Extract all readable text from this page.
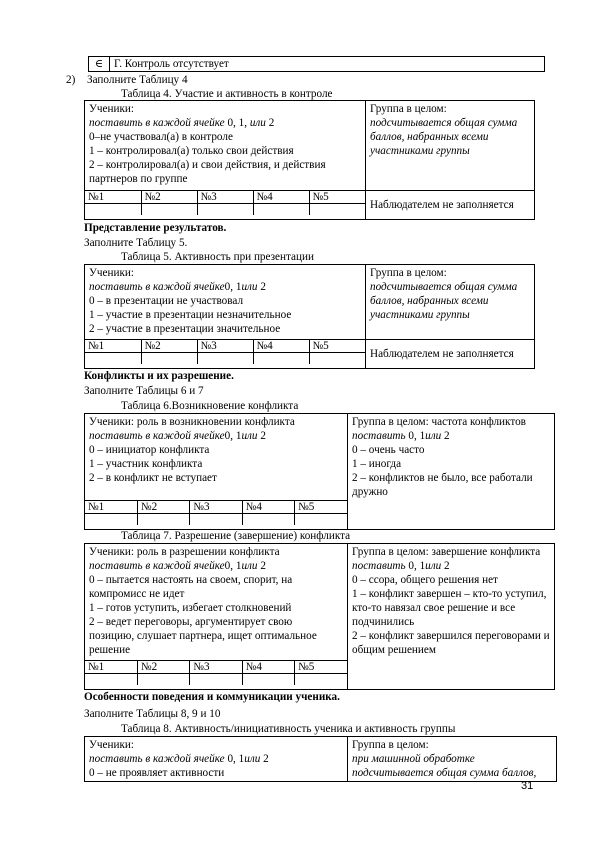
∈	Г. Контроль отсутствует
2) Заполните Таблицу 4
Таблица 4. Участие и активность в контроле
Ученики:
поставить в каждой ячейке 0, 1, или 2
0–не участвовал(а) в контроле
1 – контролировал(а) только свои действия
2 – контролировал(а) и свои действия, и действия
партнеров по группе

Группа в целом:
подсчитывается общая сумма
баллов, набранных всеми
участниками группы

№1	№2	№3	№4	№5

	Наблюдателем не заполняется
Представление результатов.
Заполните Таблицу 5.
Таблица 5. Активность при презентации
Ученики:
поставить в каждой ячейке0, 1или 2
0 – в презентации не участвовал
1 – участие в презентации незначительное
2 – участие в презентации значительное

Группа в целом:
подсчитывается общая сумма
баллов, набранных всеми
участниками группы

№1	№2	№3	№4	№5

	Наблюдателем не заполняется
Конфликты и их разрешение.
Заполните Таблицы 6 и 7
Таблица 6.Возникновение конфликта
Ученики: роль в возникновении конфликта
поставить в каждой ячейке0, 1или 2
0 – инициатор конфликта
1 – участник конфликта
2 – в конфликт не вступает

Группа в целом: частота конфликтов
поставить 0, 1или 2
0 – очень часто
1 – иногда
2 – конфликтов не было, все работали
дружно

№1	№2	№3	№4	№5

Таблица 7. Разрешение (завершение) конфликта
Ученики: роль в разрешении конфликта
поставить в каждой ячейке0, 1или 2
0 – пытается настоять на своем, спорит, на
компромисс не идет
1 – готов уступить, избегает столкновений
2 – ведет переговоры, аргументирует свою
позицию, слушает партнера, ищет оптимальное
решение

Группа в целом: завершение конфликта
поставить 0, 1или 2
0 – ссора, общего решения нет
1 – конфликт завершен – кто-то уступил,
кто-то навязал свое решение и все
подчинились
2 – конфликт завершился переговорами и
общим решением

№1	№2	№3	№4	№5

Особенности поведения и коммуникации ученика.
Заполните Таблицы 8, 9 и 10
Таблица 8. Активность/инициативность ученика и активность группы
Ученики:
поставить в каждой ячейке 0, 1или 2
0 – не проявляет активности

Группа в целом:
при машинной обработке
подсчитывается общая сумма баллов,
31
